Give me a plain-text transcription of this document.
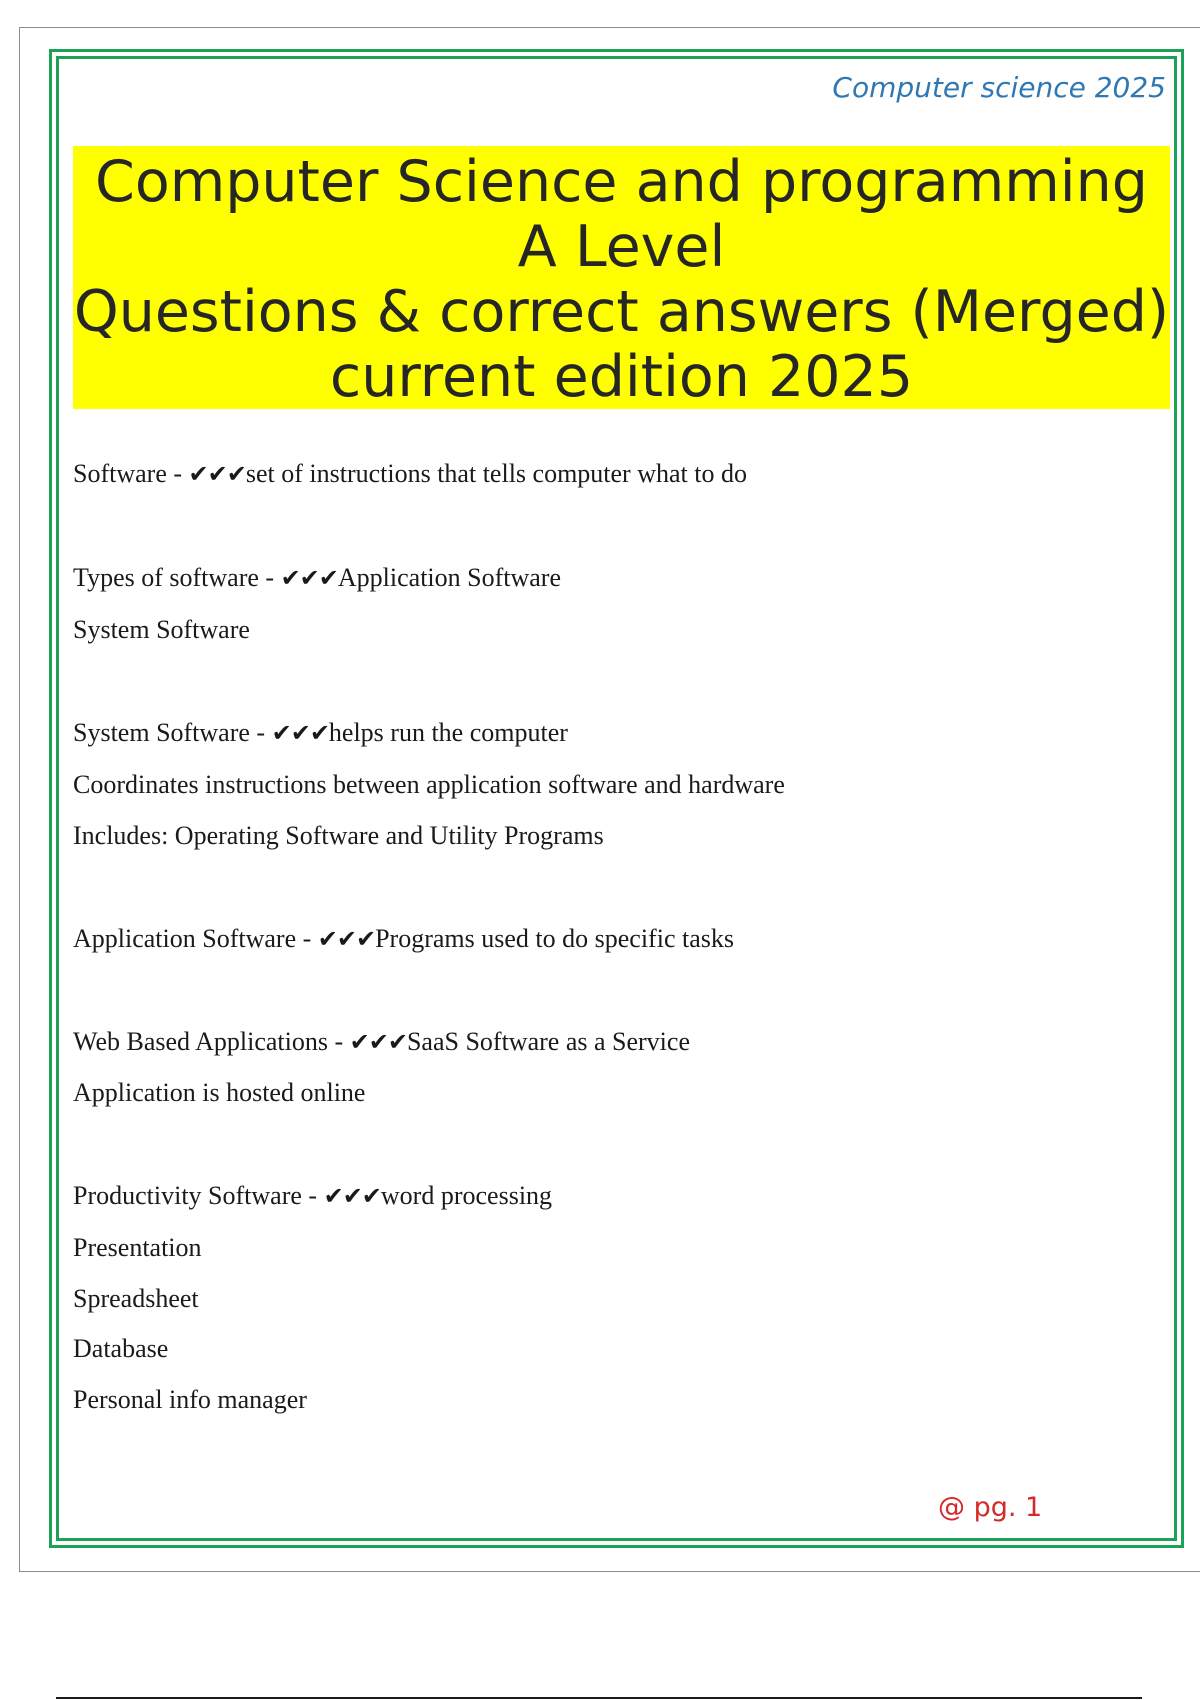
Computer science 2025
Computer Science and programming
A Level
Questions & correct answers (Merged)
current edition 2025
Software - ✔✔✔set of instructions that tells computer what to do
Types of software - ✔✔✔Application Software
System Software
System Software - ✔✔✔helps run the computer
Coordinates instructions between application software and hardware
Includes: Operating Software and Utility Programs
Application Software - ✔✔✔Programs used to do specific tasks
Web Based Applications - ✔✔✔SaaS Software as a Service
Application is hosted online
Productivity Software - ✔✔✔word processing
Presentation
Spreadsheet
Database
Personal info manager
@ pg. 1
